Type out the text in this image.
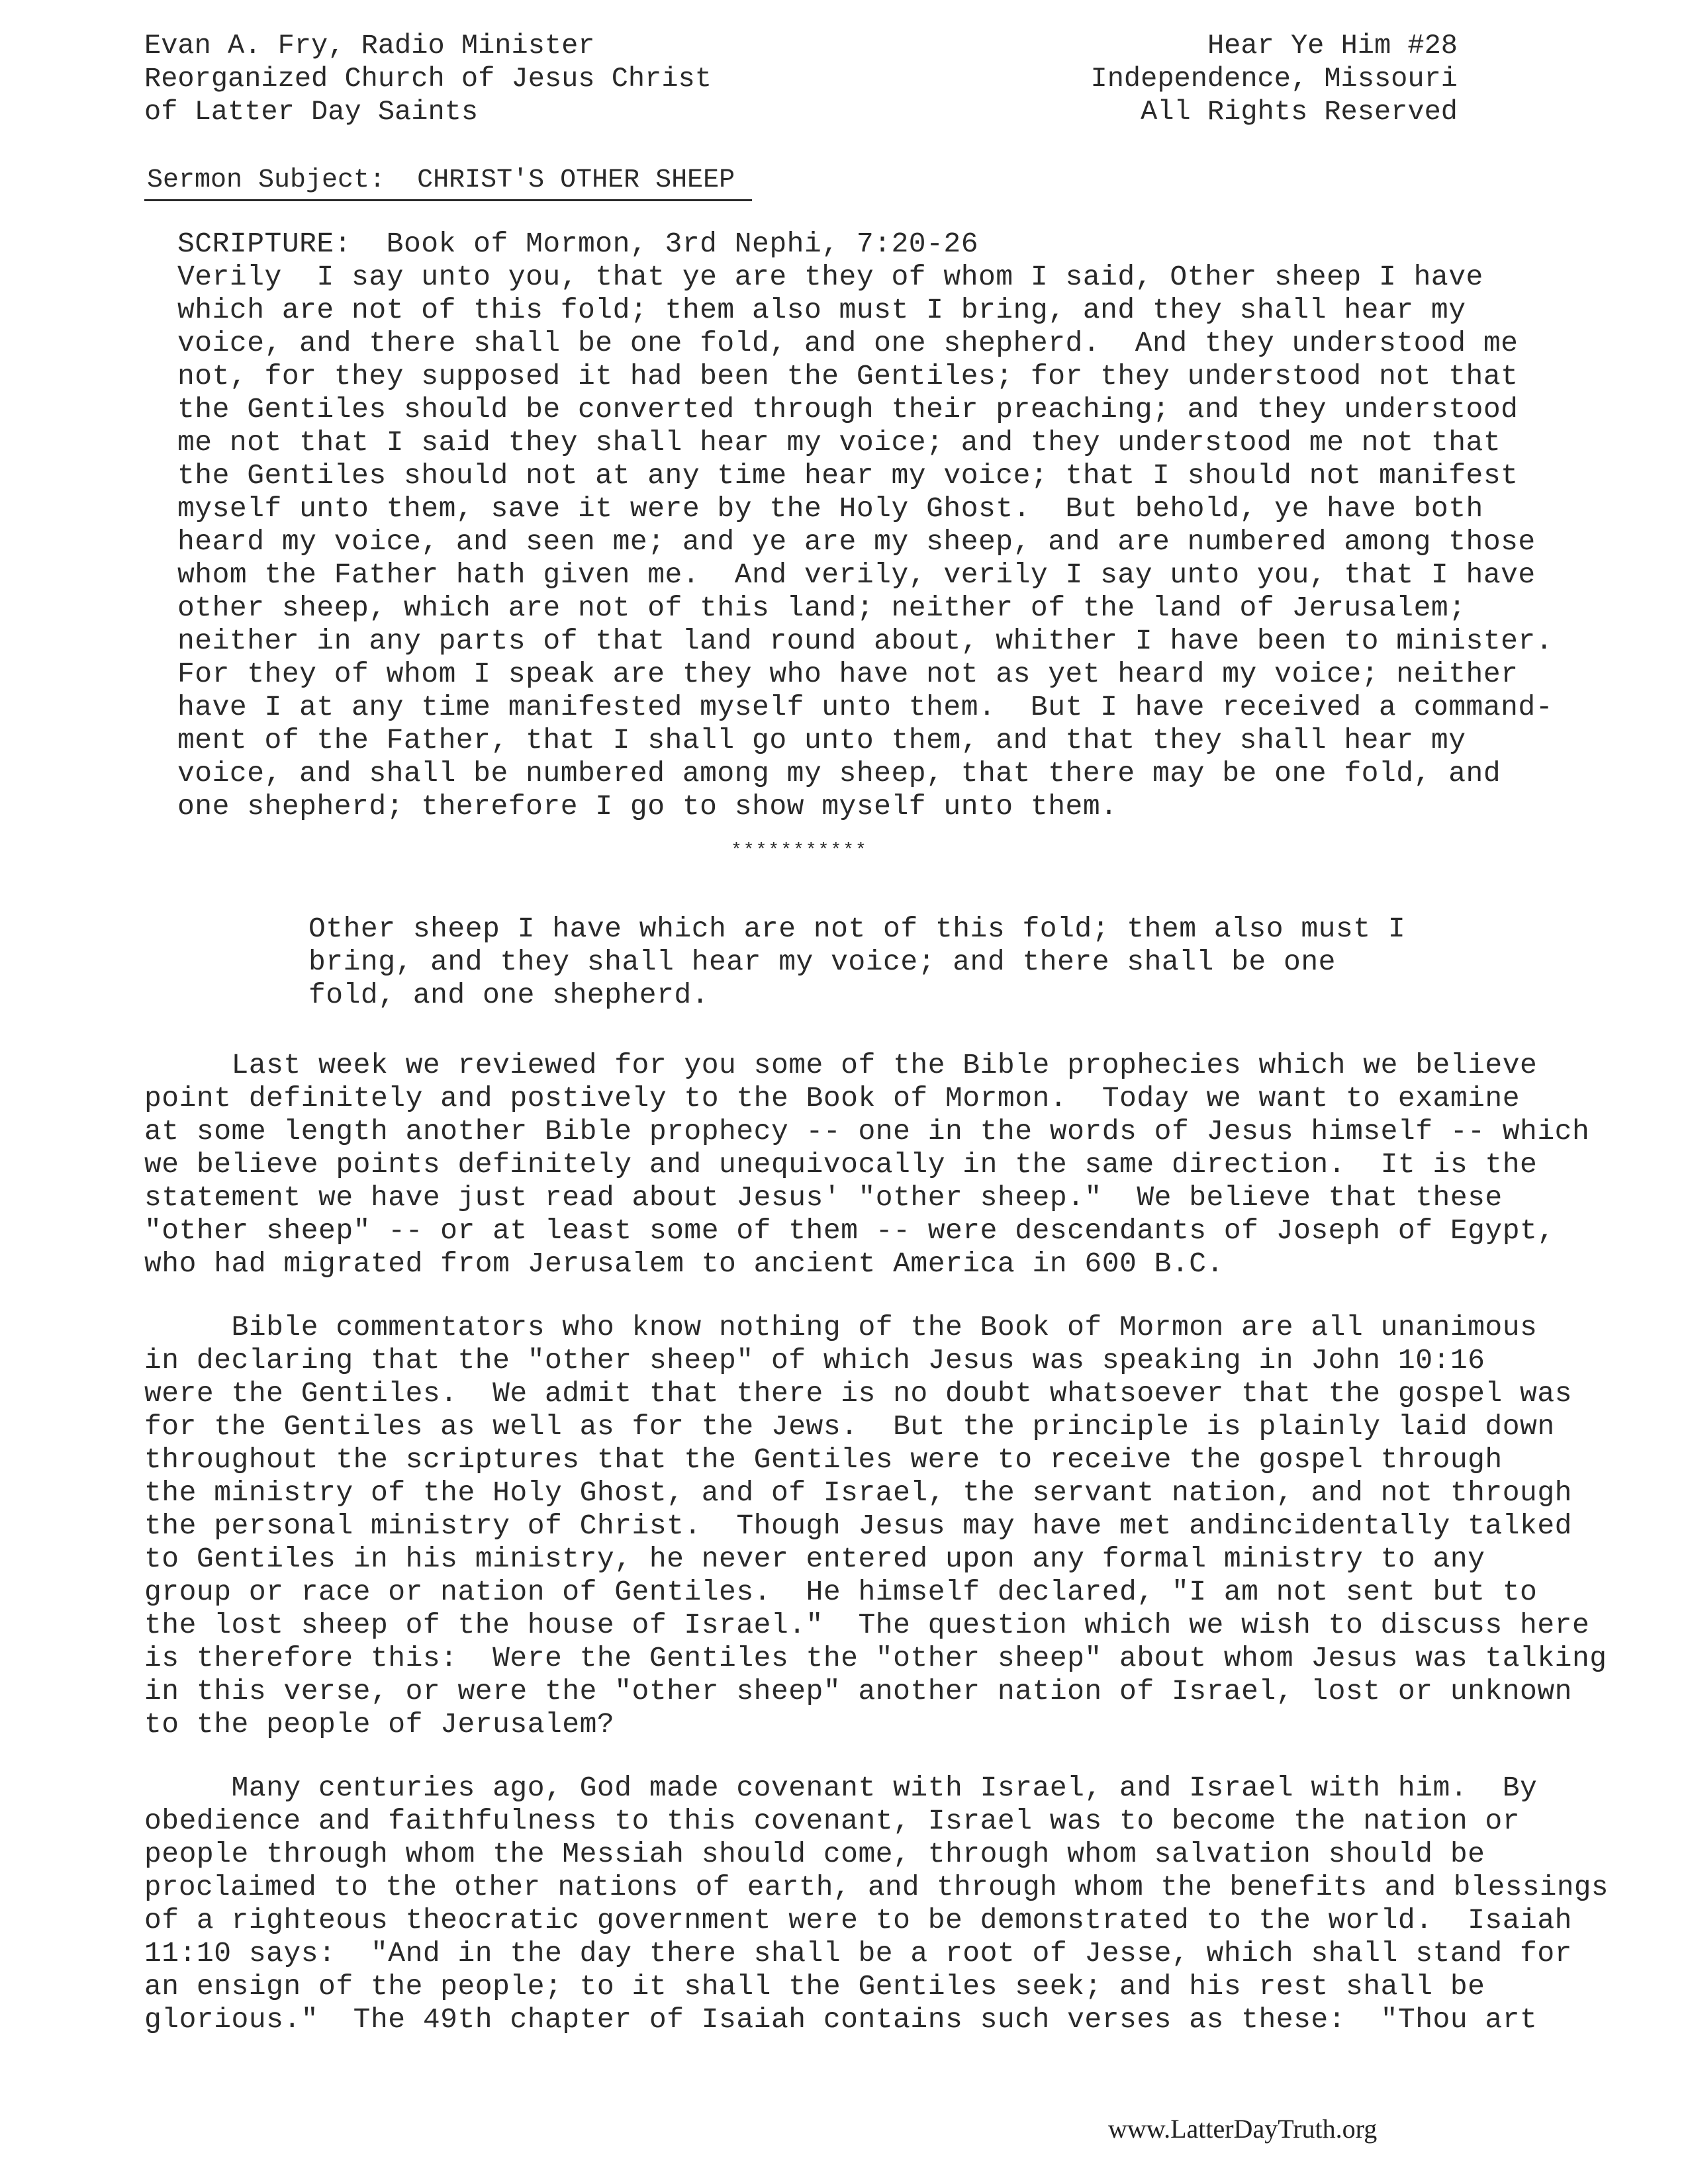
Evan A. Fry, Radio Minister
Reorganized Church of Jesus Christ
of Latter Day Saints
Hear Ye Him #28
Independence, Missouri
All Rights Reserved
Sermon Subject:  CHRIST'S OTHER SHEEP
SCRIPTURE:  Book of Mormon, 3rd Nephi, 7:20-26
Verily  I say unto you, that ye are they of whom I said, Other sheep I have
which are not of this fold; them also must I bring, and they shall hear my
voice, and there shall be one fold, and one shepherd.  And they understood me
not, for they supposed it had been the Gentiles; for they understood not that
the Gentiles should be converted through their preaching; and they understood
me not that I said they shall hear my voice; and they understood me not that
the Gentiles should not at any time hear my voice; that I should not manifest
myself unto them, save it were by the Holy Ghost.  But behold, ye have both
heard my voice, and seen me; and ye are my sheep, and are numbered among those
whom the Father hath given me.  And verily, verily I say unto you, that I have
other sheep, which are not of this land; neither of the land of Jerusalem;
neither in any parts of that land round about, whither I have been to minister.
For they of whom I speak are they who have not as yet heard my voice; neither
have I at any time manifested myself unto them.  But I have received a command-
ment of the Father, that I shall go unto them, and that they shall hear my
voice, and shall be numbered among my sheep, that there may be one fold, and
one shepherd; therefore I go to show myself unto them.
***********
Other sheep I have which are not of this fold; them also must I
bring, and they shall hear my voice; and there shall be one
fold, and one shepherd.
Last week we reviewed for you some of the Bible prophecies which we believe
point definitely and postively to the Book of Mormon.  Today we want to examine
at some length another Bible prophecy -- one in the words of Jesus himself -- which
we believe points definitely and unequivocally in the same direction.  It is the
statement we have just read about Jesus' "other sheep."  We believe that these
"other sheep" -- or at least some of them -- were descendants of Joseph of Egypt,
who had migrated from Jerusalem to ancient America in 600 B.C.
Bible commentators who know nothing of the Book of Mormon are all unanimous
in declaring that the "other sheep" of which Jesus was speaking in John 10:16
were the Gentiles.  We admit that there is no doubt whatsoever that the gospel was
for the Gentiles as well as for the Jews.  But the principle is plainly laid down
throughout the scriptures that the Gentiles were to receive the gospel through
the ministry of the Holy Ghost, and of Israel, the servant nation, and not through
the personal ministry of Christ.  Though Jesus may have met andincidentally talked
to Gentiles in his ministry, he never entered upon any formal ministry to any
group or race or nation of Gentiles.  He himself declared, "I am not sent but to
the lost sheep of the house of Israel."  The question which we wish to discuss here
is therefore this:  Were the Gentiles the "other sheep" about whom Jesus was talking
in this verse, or were the "other sheep" another nation of Israel, lost or unknown
to the people of Jerusalem?
Many centuries ago, God made covenant with Israel, and Israel with him.  By
obedience and faithfulness to this covenant, Israel was to become the nation or
people through whom the Messiah should come, through whom salvation should be
proclaimed to the other nations of earth, and through whom the benefits and blessings
of a righteous theocratic government were to be demonstrated to the world.  Isaiah
11:10 says:  "And in the day there shall be a root of Jesse, which shall stand for
an ensign of the people; to it shall the Gentiles seek; and his rest shall be
glorious."  The 49th chapter of Isaiah contains such verses as these:  "Thou art
www.LatterDayTruth.org
